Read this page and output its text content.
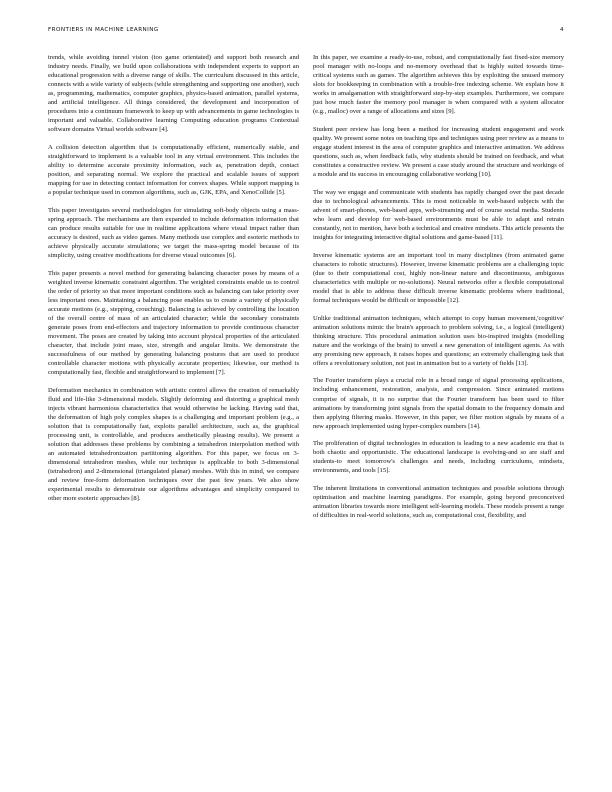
FRONTIERS IN MACHINE LEARNING	4

trends, while avoiding tunnel vision (too game orientated) and support both research and industry needs. Finally, we build upon collaborations with independent experts to support an educational progression with a diverse range of skills. The curriculum discussed in this article, connects with a wide variety of subjects (while strengthening and supporting one another), such as, programming, mathematics, computer graphics, physics-based animation, parallel systems, and artificial intelligence. All things considered, the development and incorporation of procedures into a continuum framework to keep up with advancements in game technologies is important and valuable. Collaborative learning Computing education programs Contextual software domains Virtual worlds software [4].

A collision detection algorithm that is computationally efficient, numerically stable, and straightforward to implement is a valuable tool in any virtual environment. This includes the ability to determine accurate proximity information, such as, penetration depth, contact position, and separating normal. We explore the practical and scalable issues of support mapping for use in detecting contact information for convex shapes. While support mapping is a popular technique used in common algorithms, such as, GJK, EPA, and XenoCollide [5].

This paper investigates several methodologies for simulating soft-body objects using a mass- spring approach. The mechanisms are then expanded to include deformation information that can produce results suitable for use in realtime applications where visual impact rather than accuracy is desired, such as video games. Many methods use complex and esoteric methods to achieve physically accurate simulations; we target the mass-spring model because of its simplicity, using creative modifications for diverse visual outcomes [6].

This paper presents a novel method for generating balancing character poses by means of a weighted inverse kinematic constraint algorithm. The weighted constraints enable us to control the order of priority so that more important conditions such as balancing can take priority over less important ones. Maintaining a balancing pose enables us to create a variety of physically accurate motions (e.g., stepping, crouching). Balancing is achieved by controlling the location of the overall centre of mass of an articulated character; while the secondary constraints generate poses from end-effectors and trajectory information to provide continuous character movement. The poses are created by taking into account physical properties of the articulated character, that include joint mass, size, strength and angular limits. We demonstrate the successfulness of our method by generating balancing postures that are used to produce controllable character motions with physically accurate properties; likewise, our method is computationally fast, flexible and straightforward to implement [7].

Deformation mechanics in combination with artistic control allows the creation of remarkably fluid and life-like 3-dimensional models. Slightly deforming and distorting a graphical mesh injects vibrant harmonious characteristics that would otherwise be lacking. Having said that, the deformation of high poly complex shapes is a challenging and important problem (e.g., a solution that is computationally fast, exploits parallel architecture, such as, the graphical processing unit, is controllable, and produces aesthetically pleasing results). We present a solution that addresses these problems by combining a tetrahedron interpolation method with an automated tetrahedronization partitioning algorithm. For this paper, we focus on 3-dimensional tetrahedron meshes, while our technique is applicable to both 3-dimensional (tetrahedron) and 2-dimensional (triangulated planar) meshes. With this in mind, we compare and review free-form deformation techniques over the past few years. We also show experimental results to demonstrate our algorithms advantages and simplicity compared to other more esoteric approaches [8].

In this paper, we examine a ready-to-use, robust, and computationally fast fixed-size memory pool manager with no-loops and no-memory overhead that is highly suited towards time-critical systems such as games. The algorithm achieves this by exploiting the unused memory slots for bookkeeping in combination with a trouble-free indexing scheme. We explain how it works in amalgamation with straightforward step-by-step examples. Furthermore, we compare just how much faster the memory pool manager is when compared with a system allocator (e.g., malloc) over a range of allocations and sizes [9].

Student peer review has long been a method for increasing student engagement and work quality. We present some notes on teaching tips and techniques using peer review as a means to engage student interest in the area of computer graphics and interactive animation. We address questions, such as, when feedback fails, why students should be trained on feedback, and what constitutes a constructive review. We present a case study around the structure and workings of a module and its success in encouraging collaborative working [10].

The way we engage and communicate with students has rapidly changed over the past decade due to technological advancements. This is most noticeable in web-based subjects with the advent of smart-phones, web-based apps, web-streaming and of course social media. Students who learn and develop for web-based environments must be able to adapt and retrain constantly, not to mention, have both a technical and creative mindsets. This article presents the insights for integrating interactive digital solutions and game-based [11].

Inverse kinematic systems are an important tool in many disciplines (from animated game characters to robotic structures). However, inverse kinematic problems are a challenging topic (due to their computational cost, highly non-linear nature and discontinuous, ambiguous characteristics with multiple or no-solutions). Neural networks offer a flexible computational model that is able to address these difficult inverse kinematic problems where traditional, formal techniques would be difficult or impossible [12].

Unlike traditional animation techniques, which attempt to copy human movement,'cognitive' animation solutions mimic the brain's approach to problem solving, i.e., a logical (intelligent) thinking structure. This procedural animation solution uses bio-inspired insights (modelling nature and the workings of the brain) to unveil a new generation of intelligent agents. As with any promising new approach, it raises hopes and questions; an extremely challenging task that offers a revolutionary solution, not just in animation but to a variety of fields [13].

The Fourier transform plays a crucial role in a broad range of signal processing applications, including enhancement, restoration, analysis, and compression. Since animated motions comprise of signals, it is no surprise that the Fourier transform has been used to filter animations by transforming joint signals from the spatial domain to the frequency domain and then applying filtering masks. However, in this paper, we filter motion signals by means of a new approach implemented using hyper-complex numbers [14].

The proliferation of digital technologies in education is leading to a new academic era that is both chaotic and opportunistic. The educational landscape is evolving-and so are staff and students-to meet tomorrow's challenges and needs, including curriculums, mindsets, environments, and tools [15].

The inherent limitations in conventional animation techniques and possible solutions through optimisation and machine learning paradigms. For example, going beyond preconceived animation libraries towards more intelligent self-learning models. These models present a range of difficulties in real-world solutions, such as, computational cost, flexibility, and
